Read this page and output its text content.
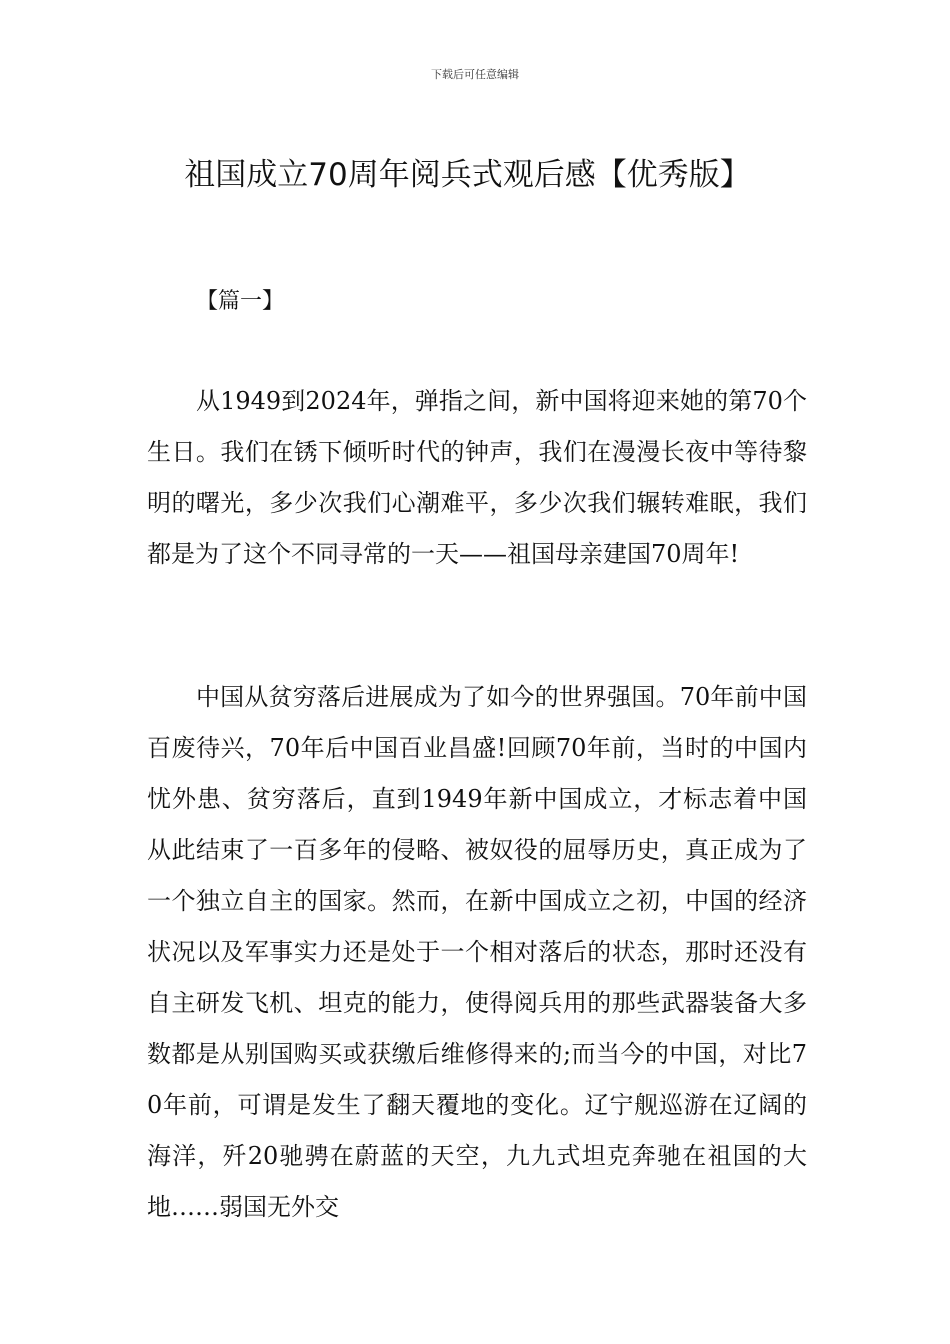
下载后可任意编辑
祖国成立70周年阅兵式观后感【优秀版】
【篇一】

从1949到2024年，弹指之间，新中国将迎来她的第70个生日。我们在锈下倾听时代的钟声，我们在漫漫长夜中等待黎明的曙光，多少次我们心潮难平，多少次我们辗转难眠，我们都是为了这个不同寻常的一天——祖国母亲建国70周年!

中国从贫穷落后进展成为了如今的世界强国。70年前中国百废待兴，70年后中国百业昌盛!回顾70年前，当时的中国内忧外患、贫穷落后，直到1949年新中国成立，才标志着中国从此结束了一百多年的侵略、被奴役的屈辱历史，真正成为了一个独立自主的国家。然而，在新中国成立之初，中国的经济状况以及军事实力还是处于一个相对落后的状态，那时还没有自主研发飞机、坦克的能力，使得阅兵用的那些武器装备大多数都是从别国购买或获缴后维修得来的;而当今的中国，对比70年前，可谓是发生了翻天覆地的变化。辽宁舰巡游在辽阔的海洋，歼20驰骋在蔚蓝的天空，九九式坦克奔驰在祖国的大地……弱国无外交
